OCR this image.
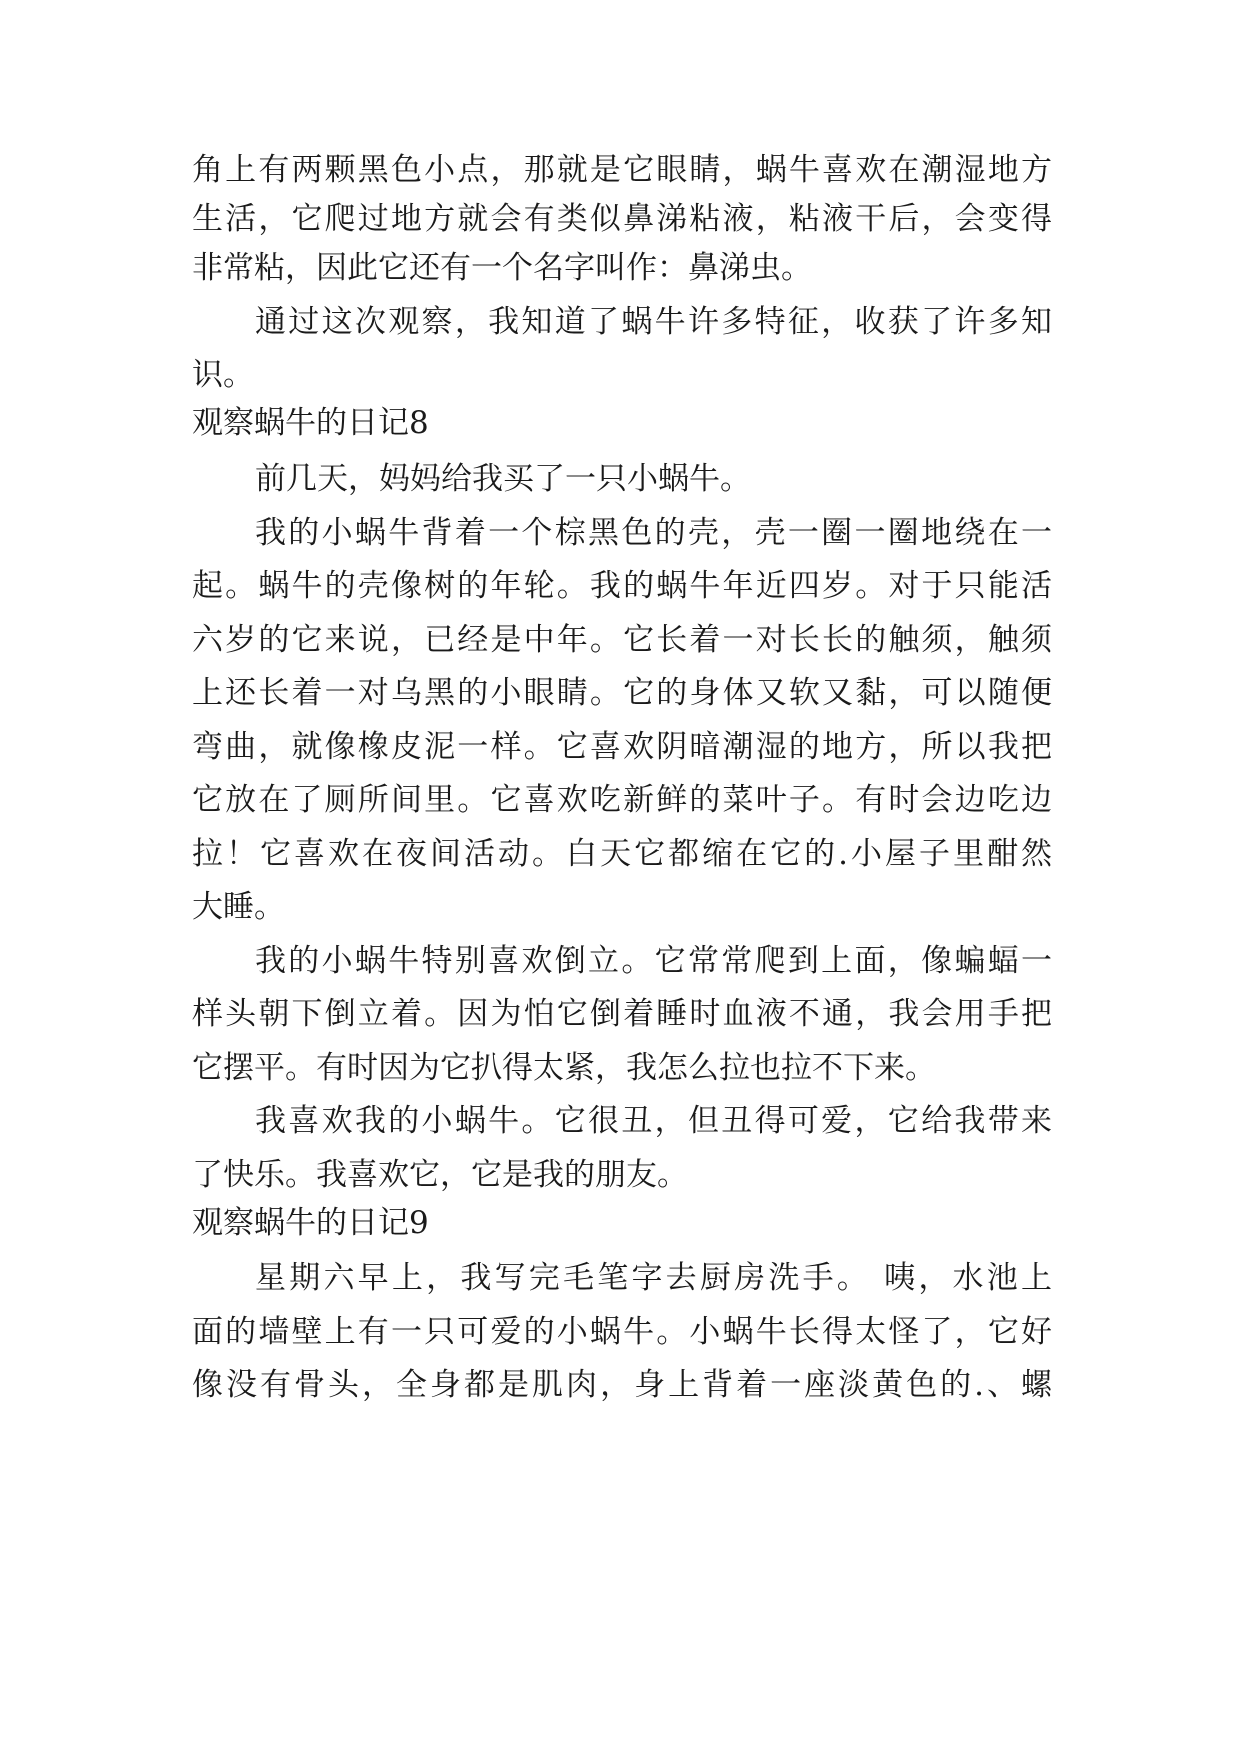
角上有两颗黑色小点，那就是它眼睛，蜗牛喜欢在潮湿地方
生活，它爬过地方就会有类似鼻涕粘液，粘液干后，会变得
非常粘，因此它还有一个名字叫作：鼻涕虫。
通过这次观察，我知道了蜗牛许多特征，收获了许多知
识。
观察蜗牛的日记8
前几天，妈妈给我买了一只小蜗牛。
我的小蜗牛背着一个棕黑色的壳，壳一圈一圈地绕在一
起。蜗牛的壳像树的年轮。我的蜗牛年近四岁。对于只能活
六岁的它来说，已经是中年。它长着一对长长的触须，触须
上还长着一对乌黑的小眼睛。它的身体又软又黏，可以随便
弯曲，就像橡皮泥一样。它喜欢阴暗潮湿的地方，所以我把
它放在了厕所间里。它喜欢吃新鲜的菜叶子。有时会边吃边
拉！它喜欢在夜间活动。白天它都缩在它的.小屋子里酣然
大睡。
我的小蜗牛特别喜欢倒立。它常常爬到上面，像蝙蝠一
样头朝下倒立着。因为怕它倒着睡时血液不通，我会用手把
它摆平。有时因为它扒得太紧，我怎么拉也拉不下来。
我喜欢我的小蜗牛。它很丑，但丑得可爱，它给我带来
了快乐。我喜欢它，它是我的朋友。
观察蜗牛的日记9
星期六早上，我写完毛笔字去厨房洗手。 咦，水池上
面的墙壁上有一只可爱的小蜗牛。小蜗牛长得太怪了，它好
像没有骨头，全身都是肌肉，身上背着一座淡黄色的.、螺
